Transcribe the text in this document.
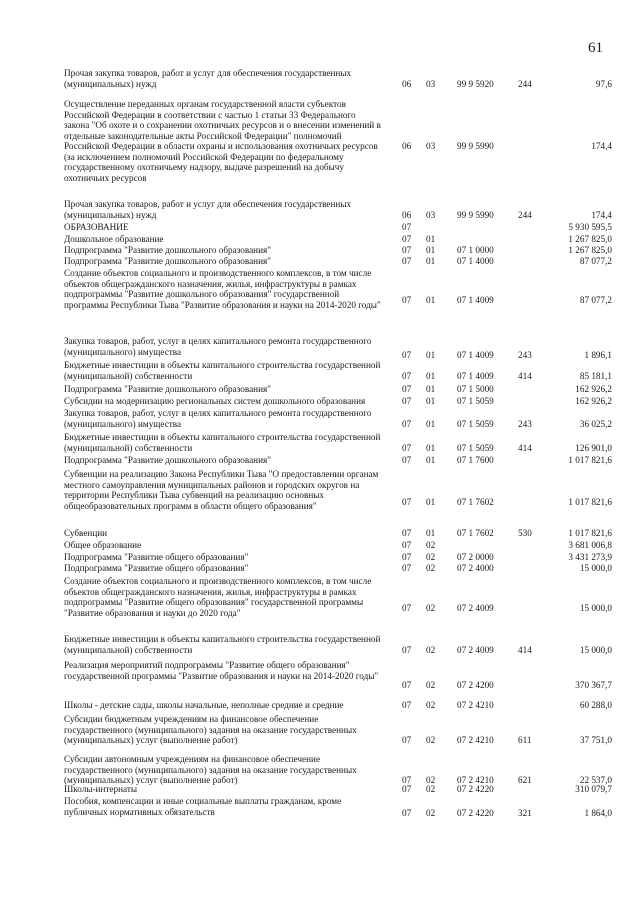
61
Прочая закупка товаров, работ и услуг для обеспечения государственных (муниципальных) нужд	06 03 99 9 5920	244	97,6
Осуществление переданных органам государственной власти субъектов Российской Федерации в соответствии с частью 1 статьи 33 Федерального закона "Об охоте и о сохранении охотничьих ресурсов и о внесении изменений в отдельные законодательные акты Российской Федерации" полномочий Российской Федерации в области охраны и использования охотничьих ресурсов (за исключением полномочий Российской Федерации по федеральному государственному охотничьему надзору, выдаче разрешений на добычу охотничьих ресурсов
06 03 99 9 5990	174,4
Прочая закупка товаров, работ и услуг для обеспечения государственных (муниципальных) нужд	06 03 99 9 5990	244	174,4
ОБРАЗОВАНИЕ	07	5 930 595,5
Дошкольное образование	07 01	1 267 825,0
Подпрограмма "Развитие дошкольного образования"	07 01 07 1 0000	1 267 825,0
Подпрограмма "Развитие дошкольного образования"	07 01 07 1 4000	87 077,2
Создание объектов социального и производственного комплексов, в том числе объектов общегражданского назначения, жилья, инфраструктуры в рамках подпрограммы "Развитие дошкольного образования" государственной программы Республики Тыва "Развитие образования и науки на 2014-2020 годы" 07 01 07 1 4009	87 077,2
Закупка товаров, работ, услуг в целях капитального ремонта государственного (муниципального) имущества	07 01 07 1 4009	243	1 896,1
Бюджетные инвестиции в объекты капитального строительства государственной (муниципальной) собственности	07 01 07 1 4009	414	85 181,1
Подпрограмма "Развитие дошкольного образования"	07 01 07 1 5000	162 926,2
Субсидии на модернизацию региональных систем дошкольного образования	07 01 07 1 5059	162 926,2
Закупка товаров, работ, услуг в целях капитального ремонта государственного (муниципального) имущества	07 01 07 1 5059	243	36 025,2
Бюджетные инвестиции в объекты капитального строительства государственной (муниципальной) собственности	07 01 07 1 5059	414	126 901,0
Подпрограмма "Развитие дошкольного образования"	07 01 07 1 7600	1 017 821,6
Субвенции на реализацию Закона Республики Тыва "О предоставлении органам местного самоуправления муниципальных районов и городских округов на территории Республики Тыва субвенций на реализацию основных общеобразовательных программ в области общего образования"	07 01 07 1 7602	1 017 821,6
Субвенции	07 01 07 1 7602	530	1 017 821,6
Общее образование	07 02	3 681 006,8
Подпрограмма "Развитие общего образования"	07 02 07 2 0000	3 431 273,9
Подпрограмма "Развитие общего образования"	07 02 07 2 4000	15 000,0
Создание объектов социального и производственного комплексов, в том числе объектов общегражданского назначения, жилья, инфраструктуры в рамках подпрограммы "Развитие общего образования" государственной программы "Развитие образования и науки до 2020 года"	07 02 07 2 4009	15 000,0
Бюджетные инвестиции в объекты капитального строительства государственной (муниципальной) собственности	07 02 07 2 4009	414	15 000,0
Реализация мероприятий подпрограммы "Развитие общего образования" государственной программы "Развитие образования и науки на 2014-2020 годы"
07 02 07 2 4200	370 367,7
Школы - детские сады, школы начальные, неполные средние и средние	07 02 07 2 4210	60 288,0
Субсидии бюджетным учреждениям на финансовое обеспечение государственного (муниципального) задания на оказание государственных (муниципальных) услуг (выполнение работ)	07 02 07 2 4210	611	37 751,0
Субсидии автономным учреждениям на финансовое обеспечение государственного (муниципального) задания на оказание государственных (муниципальных) услуг (выполнение работ)	07 02 07 2 4210	621	22 537,0
Школы-интернаты	07 02 07 2 4220	310 079,7
Пособия, компенсации и иные социальные выплаты гражданам, кроме публичных нормативных обязательств	07 02 07 2 4220	321	1 864,0
